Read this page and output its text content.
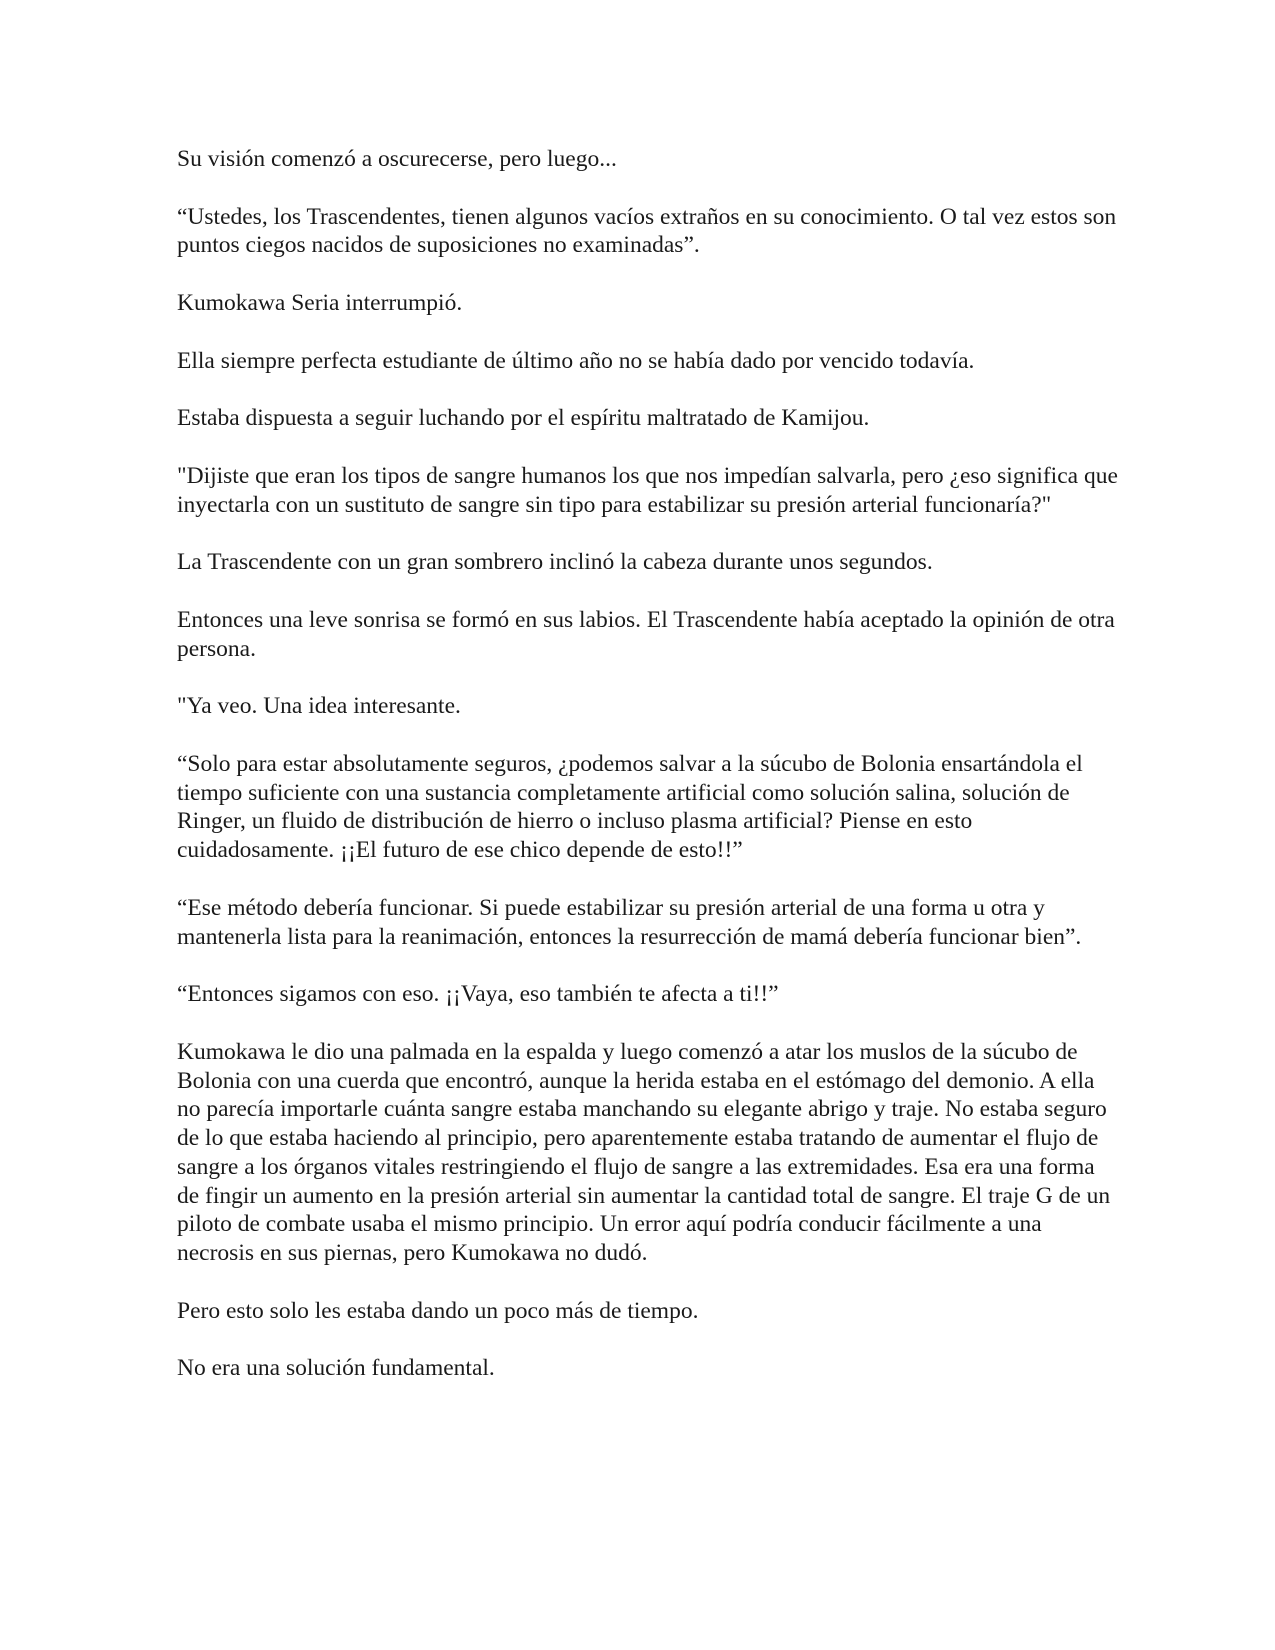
Su visión comenzó a oscurecerse, pero luego...

“Ustedes, los Trascendentes, tienen algunos vacíos extraños en su conocimiento. O tal vez estos son puntos ciegos nacidos de suposiciones no examinadas”.

Kumokawa Seria interrumpió.

Ella siempre perfecta estudiante de último año no se había dado por vencido todavía.

Estaba dispuesta a seguir luchando por el espíritu maltratado de Kamijou.

"Dijiste que eran los tipos de sangre humanos los que nos impedían salvarla, pero ¿eso significa que inyectarla con un sustituto de sangre sin tipo para estabilizar su presión arterial funcionaría?"

La Trascendente con un gran sombrero inclinó la cabeza durante unos segundos.

Entonces una leve sonrisa se formó en sus labios. El Trascendente había aceptado la opinión de otra persona.

"Ya veo. Una idea interesante.

“Solo para estar absolutamente seguros, ¿podemos salvar a la súcubo de Bolonia ensartándola el tiempo suficiente con una sustancia completamente artificial como solución salina, solución de Ringer, un fluido de distribución de hierro o incluso plasma artificial? Piense en esto cuidadosamente. ¡¡El futuro de ese chico depende de esto!!”

“Ese método debería funcionar. Si puede estabilizar su presión arterial de una forma u otra y mantenerla lista para la reanimación, entonces la resurrección de mamá debería funcionar bien”.

“Entonces sigamos con eso. ¡¡Vaya, eso también te afecta a ti!!”

Kumokawa le dio una palmada en la espalda y luego comenzó a atar los muslos de la súcubo de Bolonia con una cuerda que encontró, aunque la herida estaba en el estómago del demonio. A ella no parecía importarle cuánta sangre estaba manchando su elegante abrigo y traje. No estaba seguro de lo que estaba haciendo al principio, pero aparentemente estaba tratando de aumentar el flujo de sangre a los órganos vitales restringiendo el flujo de sangre a las extremidades. Esa era una forma de fingir un aumento en la presión arterial sin aumentar la cantidad total de sangre. El traje G de un piloto de combate usaba el mismo principio. Un error aquí podría conducir fácilmente a una necrosis en sus piernas, pero Kumokawa no dudó.

Pero esto solo les estaba dando un poco más de tiempo.

No era una solución fundamental.
